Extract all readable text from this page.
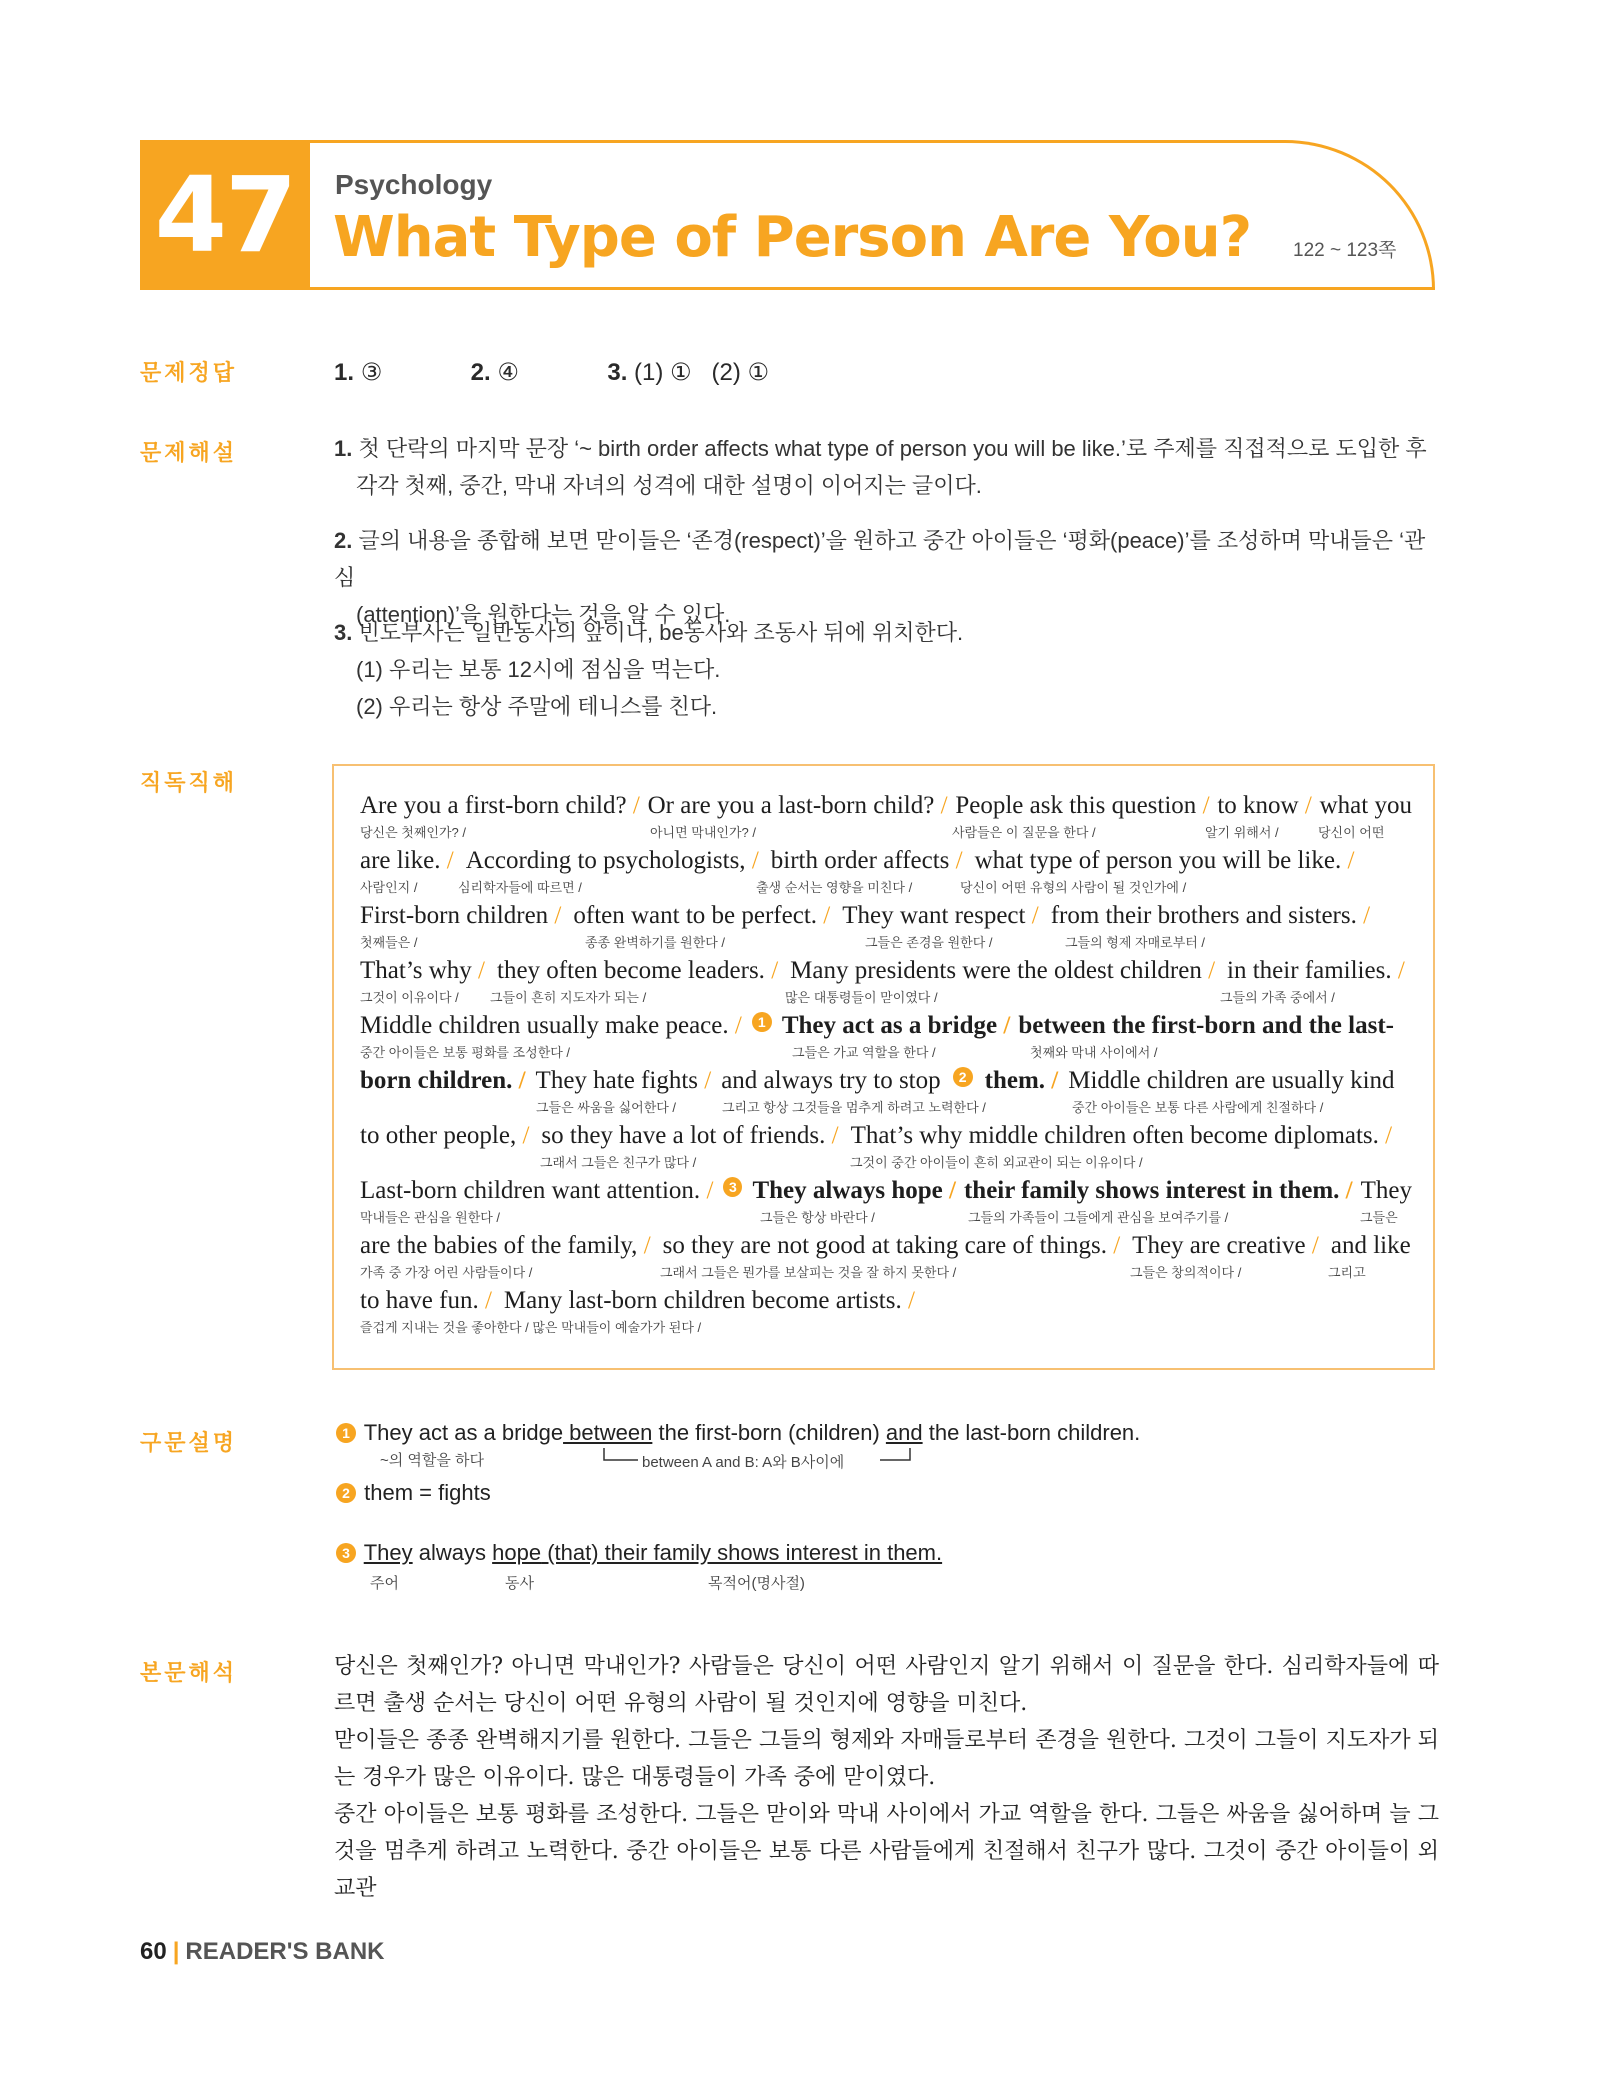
47	Psychology
What Type of Person Are You? 122 ~ 123쪽
문제정답	1. ③	2. ④	3. (1) ①   (2) ①
문제해설	1. 첫 단락의 마지막 문장 ‘~ birth order affects what type of person you will be like.’로 주제를 직접적으로 도입한 후

각각 첫째, 중간, 막내 자녀의 성격에 대한 설명이 이어지는 글이다.

2. 글의 내용을 종합해 보면 맏이들은 ‘존경(respect)’을 원하고 중간 아이들은 ‘평화(peace)’를 조성하며 막내들은 ‘관심

(attention)’을 원한다는 것을 알 수 있다.

3. 빈도부사는 일반동사의 앞이나, be동사와 조동사 뒤에 위치한다.

(1) 우리는 보통 12시에 점심을 먹는다.

(2) 우리는 항상 주말에 테니스를 친다.

직독직해
Are you a first-born child? / Or are you a last-born child? / People ask this question / to know / what you
당신은 첫째인가? /	아니면 막내인가? /	사람들은 이 질문을 한다 /	알기 위해서 /	당신이 어떤
are like. / According to psychologists, / birth order affects / what type of person you will be like. /
사람인지 /	심리학자들에 따르면 /	출생 순서는 영향을 미친다 /	당신이 어떤 유형의 사람이 될 것인가에 /
First-born children / often want to be perfect. / They want respect / from their brothers and sisters. /
첫째들은 /	종종 완벽하기를 원한다 /	그들은 존경을 원한다 /	그들의 형제 자매로부터 /
That’s why / they often become leaders. / Many presidents were the oldest children / in their families. /
그것이 이유이다 / 그들이 흔히 지도자가 되는 /	많은 대통령들이 맏이였다 /	그들의 가족 중에서 /
Middle children usually make peace. /	1 They act as a bridge / between the first-born and the last-
중간 아이들은 보통 평화를 조성한다 /	그들은 가교 역할을 한다 /	첫째와 막내 사이에서 /
born children. / They hate fights / and always try to stop	2 them. / Middle children are usually kind
그들은 싸움을 싫어한다 /	그리고 항상 그것들을 멈추게 하려고 노력한다 /	중간 아이들은 보통 다른 사람에게 친절하다 /
to other people, / so they have a lot of friends. / That’s why middle children often become diplomats. /
그래서 그들은 친구가 많다 /	그것이 중간 아이들이 흔히 외교관이 되는 이유이다 /
Last-born children want attention. /	3 They always hope / their family shows interest in them. / They
막내들은 관심을 원한다 /	그들은 항상 바란다 /	그들의 가족들이 그들에게 관심을 보여주기를 /	그들은
are the babies of the family, / so they are not good at taking care of things. / They are creative / and like
가족 중 가장 어린 사람들이다 /	그래서 그들은 뭔가를 보살피는 것을 잘 하지 못한다 /	그들은 창의적이다 /	그리고
to have fun. / Many last-born children become artists. /
즐겁게 지내는 것을 좋아한다 / 많은 막내들이 예술가가 된다 /
구문설명	1 They act as a bridge between the first-born (children) and the last-born children.
~의 역할을 하다	between A and B: A와 B사이에
2 them = fights
3 They always hope (that) their family shows interest in them.
주어	동사	목적어(명사절)
본문해석	당신은 첫째인가? 아니면 막내인가? 사람들은 당신이 어떤 사람인지 알기 위해서 이 질문을 한다. 심리학자들에 따르면 출생 순서는 당신이 어떤 유형의 사람이 될 것인지에 영향을 미친다.

맏이들은 종종 완벽해지기를 원한다. 그들은 그들의 형제와 자매들로부터 존경을 원한다. 그것이 그들이 지도자가 되는 경우가 많은 이유이다. 많은 대통령들이 가족 중에 맏이였다.

중간 아이들은 보통 평화를 조성한다. 그들은 맏이와 막내 사이에서 가교 역할을 한다. 그들은 싸움을 싫어하며 늘 그것을 멈추게 하려고 노력한다. 중간 아이들은 보통 다른 사람들에게 친절해서 친구가 많다. 그것이 중간 아이들이 외교관

60 | READER'S BANK
